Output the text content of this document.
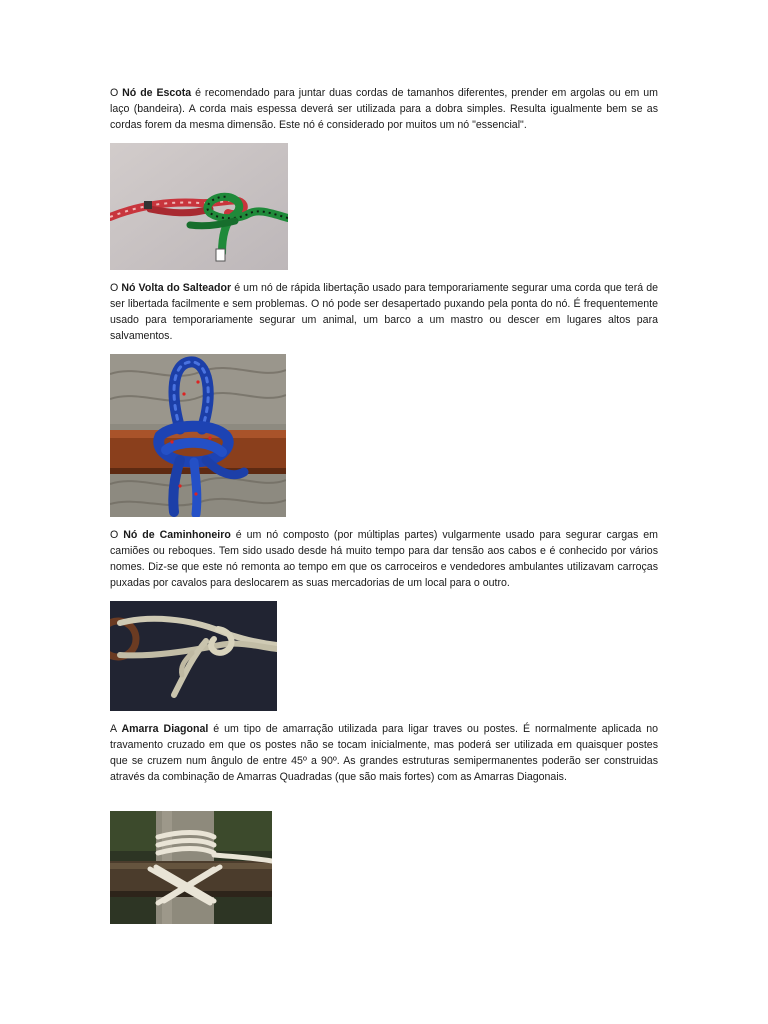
O Nó de Escota é recomendado para juntar duas cordas de tamanhos diferentes, prender em argolas ou em um laço (bandeira). A corda mais espessa deverá ser utilizada para a dobra simples. Resulta igualmente bem se as cordas forem da mesma dimensão. Este nó é considerado por muitos um nó "essencial".

O Nó Volta do Salteador é um nó de rápida libertação usado para temporariamente segurar uma corda que terá de ser libertada facilmente e sem problemas. O nó pode ser desapertado puxando pela ponta do nó. É frequentemente usado para temporariamente segurar um animal, um barco a um mastro ou descer em lugares altos para salvamentos.

O Nó de Caminhoneiro é um nó composto (por múltiplas partes) vulgarmente usado para segurar cargas em camiões ou reboques. Tem sido usado desde há muito tempo para dar tensão aos cabos e é conhecido por vários nomes. Diz-se que este nó remonta ao tempo em que os carroceiros e vendedores ambulantes utilizavam carroças puxadas por cavalos para deslocarem as suas mercadorias de um local para o outro.

A Amarra Diagonal é um tipo de amarração utilizada para ligar traves ou postes. É normalmente aplicada no travamento cruzado em que os postes não se tocam inicialmente, mas poderá ser utilizada em quaisquer postes que se cruzem num ângulo de entre 45º a 90º. As grandes estruturas semipermanentes poderão ser construidas através da combinação de Amarras Quadradas (que são mais fortes) com as Amarras Diagonais.
